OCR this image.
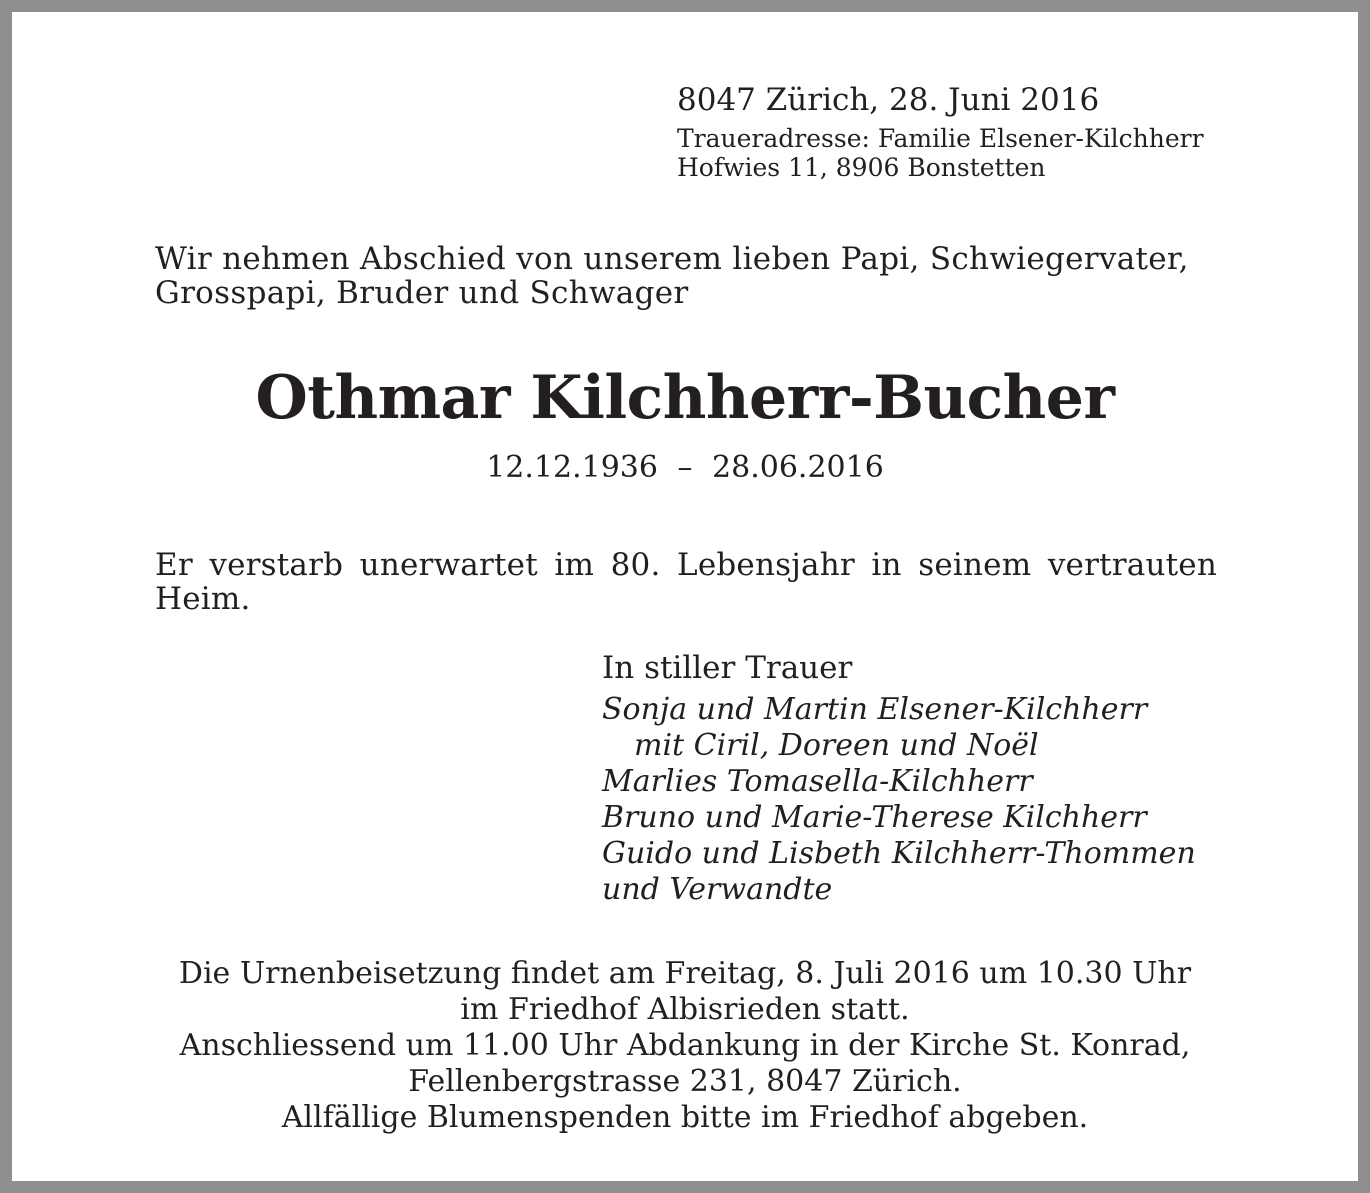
8047 Zürich, 28. Juni 2016
Traueradresse: Familie Elsener-Kilchherr
Hofwies 11, 8906 Bonstetten
Wir nehmen Abschied von unserem lieben Papi, Schwiegervater,
Grosspapi, Bruder und Schwager
Othmar Kilchherr-Bucher
12.12.1936 – 28.06.2016
Er verstarb unerwartet im 80. Lebensjahr in seinem vertrauten Heim.
In stiller Trauer
Sonja und Martin Elsener-Kilchherr
mit Ciril, Doreen und Noël
Marlies Tomasella-Kilchherr
Bruno und Marie-Therese Kilchherr
Guido und Lisbeth Kilchherr-Thommen
und Verwandte
Die Urnenbeisetzung findet am Freitag, 8. Juli 2016 um 10.30 Uhr
im Friedhof Albisrieden statt.
Anschliessend um 11.00 Uhr Abdankung in der Kirche St. Konrad,
Fellenbergstrasse 231, 8047 Zürich.
Allfällige Blumenspenden bitte im Friedhof abgeben.
